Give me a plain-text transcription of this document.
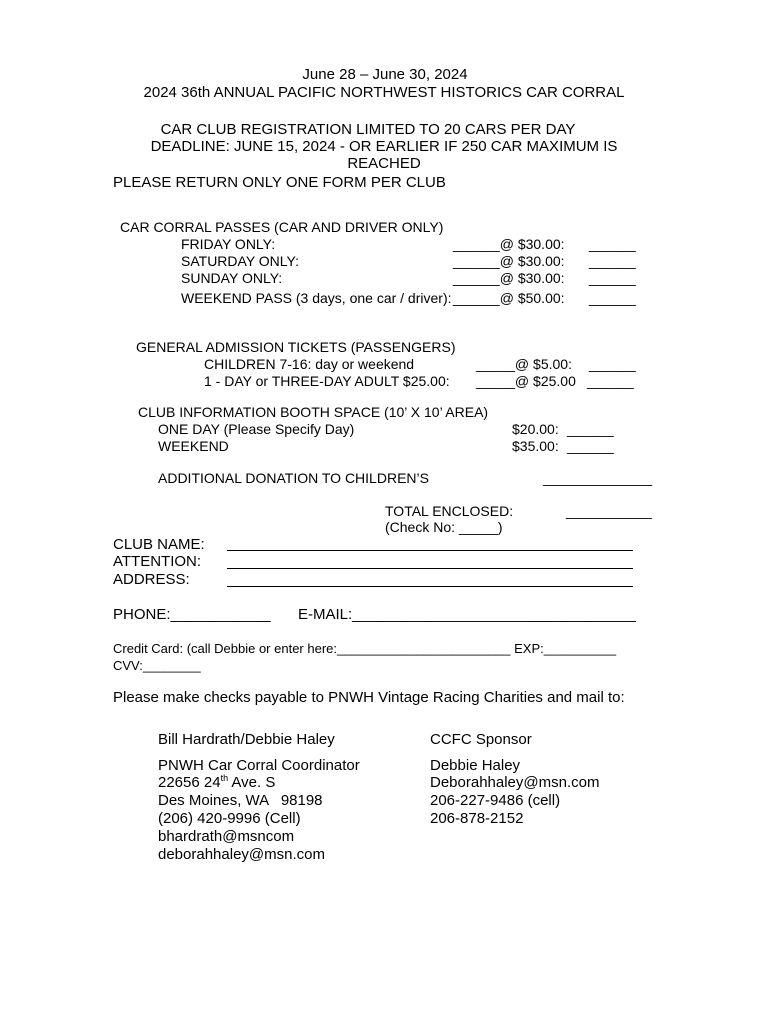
June 28 – June 30, 2024
2024 36th ANNUAL PACIFIC NORTHWEST HISTORICS CAR CORRAL
CAR CLUB REGISTRATION LIMITED TO 20 CARS PER DAY
DEADLINE: JUNE 15, 2024 - OR EARLIER IF 250 CAR MAXIMUM IS
REACHED
PLEASE RETURN ONLY ONE FORM PER CLUB
CAR CORRAL PASSES (CAR AND DRIVER ONLY)
FRIDAY ONLY:	______@ $30.00: ______
SATURDAY ONLY:	______@ $30.00: ______
SUNDAY ONLY:	______@ $30.00: ______
WEEKEND PASS (3 days, one car / driver): ______@ $50.00: ______
GENERAL ADMISSION TICKETS (PASSENGERS)
CHILDREN 7-16: day or weekend	_____@ $5.00: ______
1 - DAY or THREE-DAY ADULT $25.00: _____@ $25.00 ______
CLUB INFORMATION BOOTH SPACE (10’ X 10’ AREA)
ONE DAY (Please Specify Day)	$20.00: ______
WEEKEND	$35.00: ______
ADDITIONAL DONATION TO CHILDREN’S	______________
TOTAL ENCLOSED:	___________
(Check No: _____)
CLUB NAME:
ATTENTION:
ADDRESS:
PHONE:____________ E-MAIL:__________________________________
Credit Card: (call Debbie or enter here:________________________ EXP:__________
CVV:________
Please make checks payable to PNWH Vintage Racing Charities and mail to:
Bill Hardrath/Debbie Haley
PNWH Car Corral Coordinator
22656 24th Ave. S
Des Moines, WA   98198
(206) 420-9996 (Cell)
bhardrath@msncom
deborahhaley@msn.com
CCFC Sponsor
Debbie Haley
Deborahhaley@msn.com
206-227-9486 (cell)
206-878-2152
